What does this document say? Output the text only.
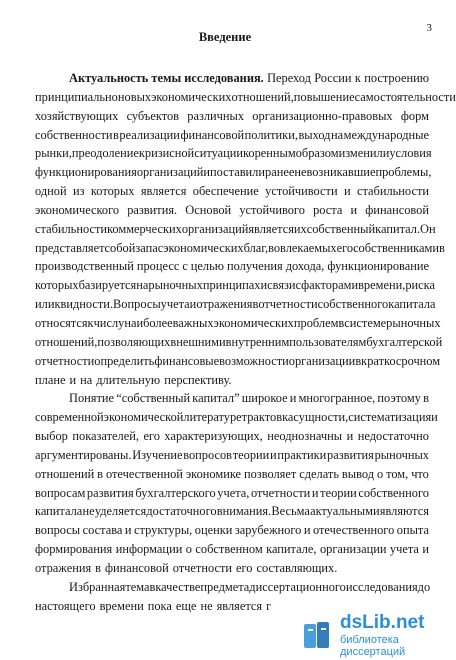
3
Введение
Актуальность темы исследования. Переход России к построению
принципиально новых экономических отношений, повышение самостоятельности
хозяйствующих субъектов различных организационно-правовых форм
собственности в реализации финансовой политики, выход на международные
рынки, преодоление кризисной ситуации коренным образом изменили условия
функционирования организаций и поставили ранее не возникавшие проблемы,
одной из которых является обеспечение устойчивости и стабильности
экономического развития. Основой устойчивого роста и финансовой
стабильности коммерческих организаций является их собственный капитал. Он
представляет собой запас экономических благ, вовлекаемых его собственниками в
производственный процесс с целью получения дохода, функционирование
которых базируется на рыночных принципах и связи с факторами времени, риска
и ликвидности. Вопросы учета и отражения в отчетности собственного капитала
относятся к числу наиболее важных экономических проблем в системе рыночных
отношений, позволяющих внешним и внутренним пользователям бухгалтерской
отчетности определить финансовые возможности организации в краткосрочном
плане и на длительную перспективу.
Понятие “собственный капитал” широкое и многогранное, поэтому в
современной экономической литературе трактовка сущности, систематизация и
выбор показателей, его характеризующих, неоднозначны и недостаточно
аргументированы. Изучение вопросов теории и практики развития рыночных
отношений в отечественной экономике позволяет сделать вывод о том, что
вопросам развития бухгалтерского учета, отчетности и теории собственного
капитала не уделяется достаточного внимания. Весьма актуальными являются
вопросы состава и структуры, оценки зарубежного и отечественного опыта
формирования информации о собственном капитале, организации учета и
отражения в финансовой отчетности его составляющих.
Избранная тема в качестве предмета диссертационного исследования до
настоящего времени пока еще не является г
dsLib.net
библиотека диссертаций
